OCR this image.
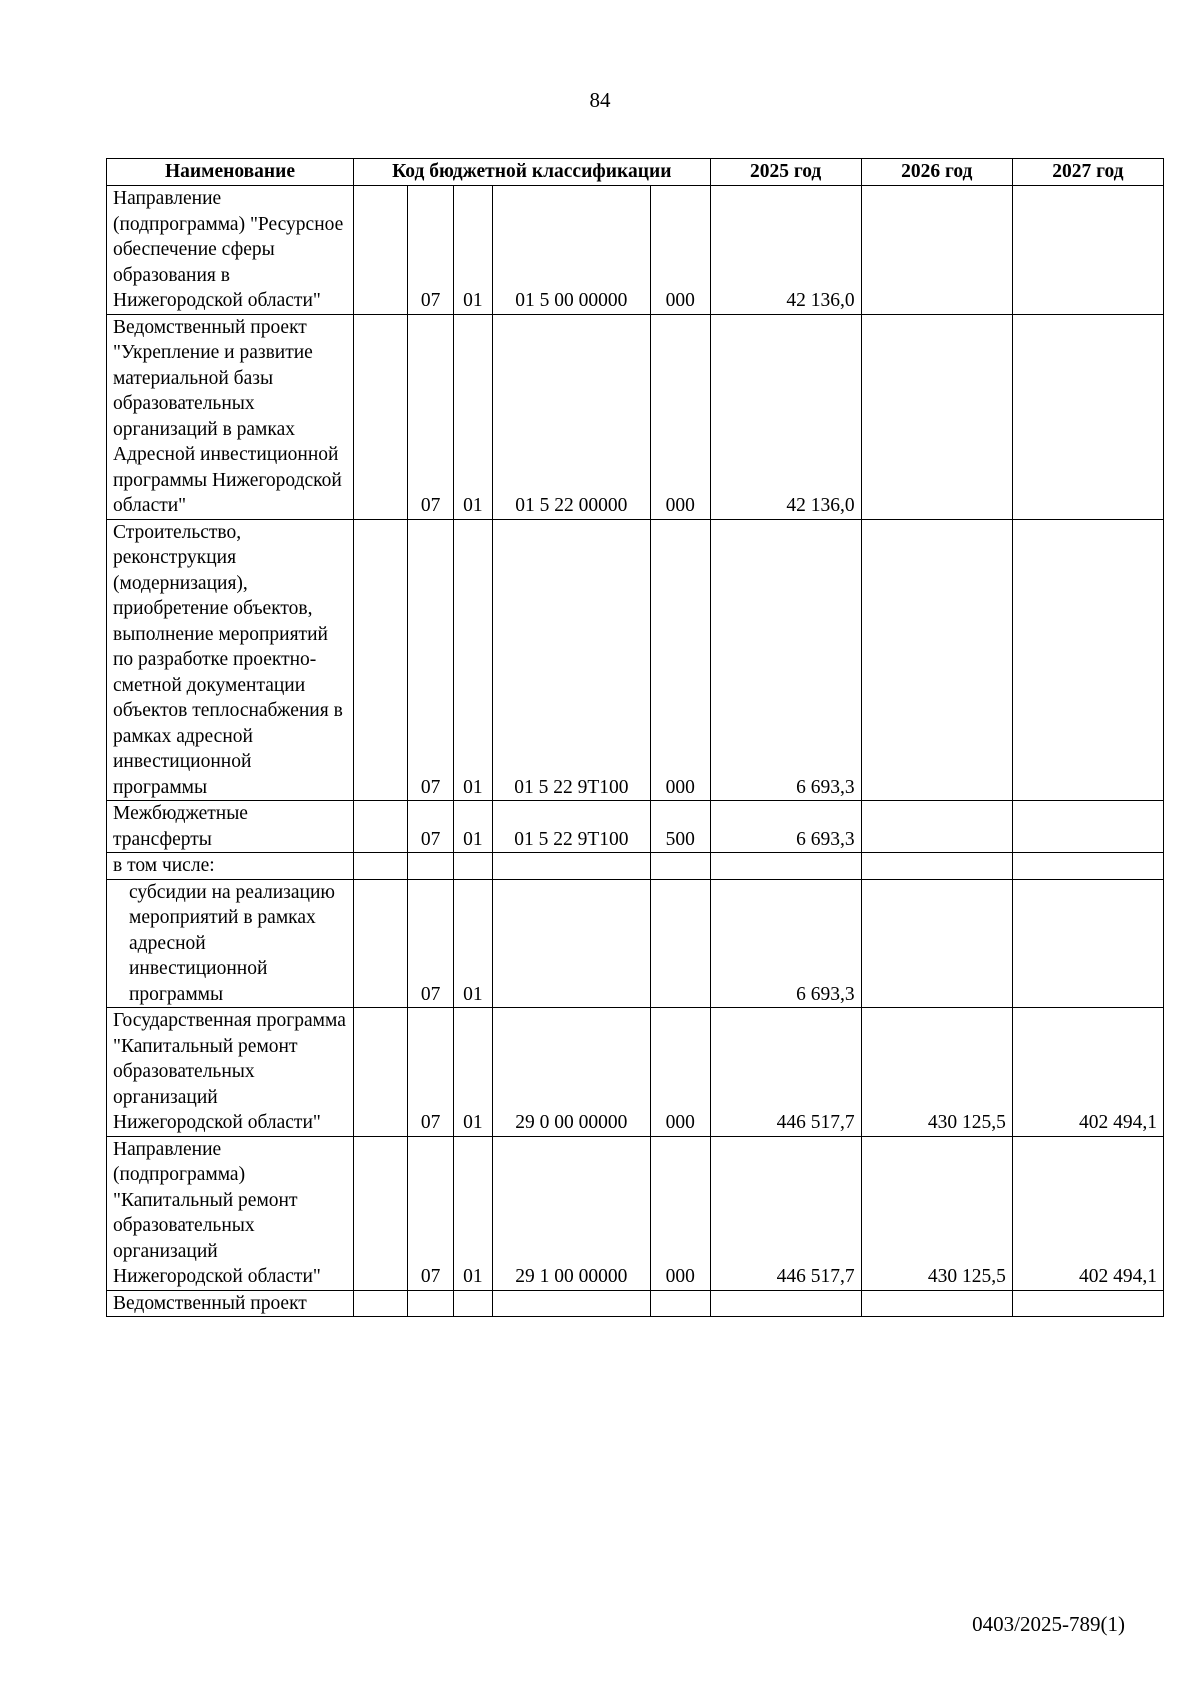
84
Наименование	Код бюджетной классификации					2025 год	2026 год	2027 год

Направление (подпрограмма) "Ресурсное обеспечение сферы образования в Нижегородской области"		07	01	01 5 00 00000	000	42 136,0		

Ведомственный проект "Укрепление и развитие материальной базы образовательных организаций в рамках Адресной инвестиционной программы Нижегородской области"		07	01	01 5 22 00000	000	42 136,0		

Строительство, реконструкция (модернизация), приобретение объектов, выполнение мероприятий по разработке проектно-сметной документации объектов теплоснабжения в рамках адресной инвестиционной программы		07	01	01 5 22 9Т100	000	6 693,3		

Межбюджетные трансферты		07	01	01 5 22 9Т100	500	6 693,3		

в том числе:								

субсидии на реализацию мероприятий в рамках адресной инвестиционной программы		07	01			6 693,3		

Государственная программа "Капитальный ремонт образовательных организаций Нижегородской области"		07	01	29 0 00 00000	000	446 517,7	430 125,5	402 494,1

Направление (подпрограмма) "Капитальный ремонт образовательных организаций Нижегородской области"		07	01	29 1 00 00000	000	446 517,7	430 125,5	402 494,1

Ведомственный проект								

0403/2025-789(1)
